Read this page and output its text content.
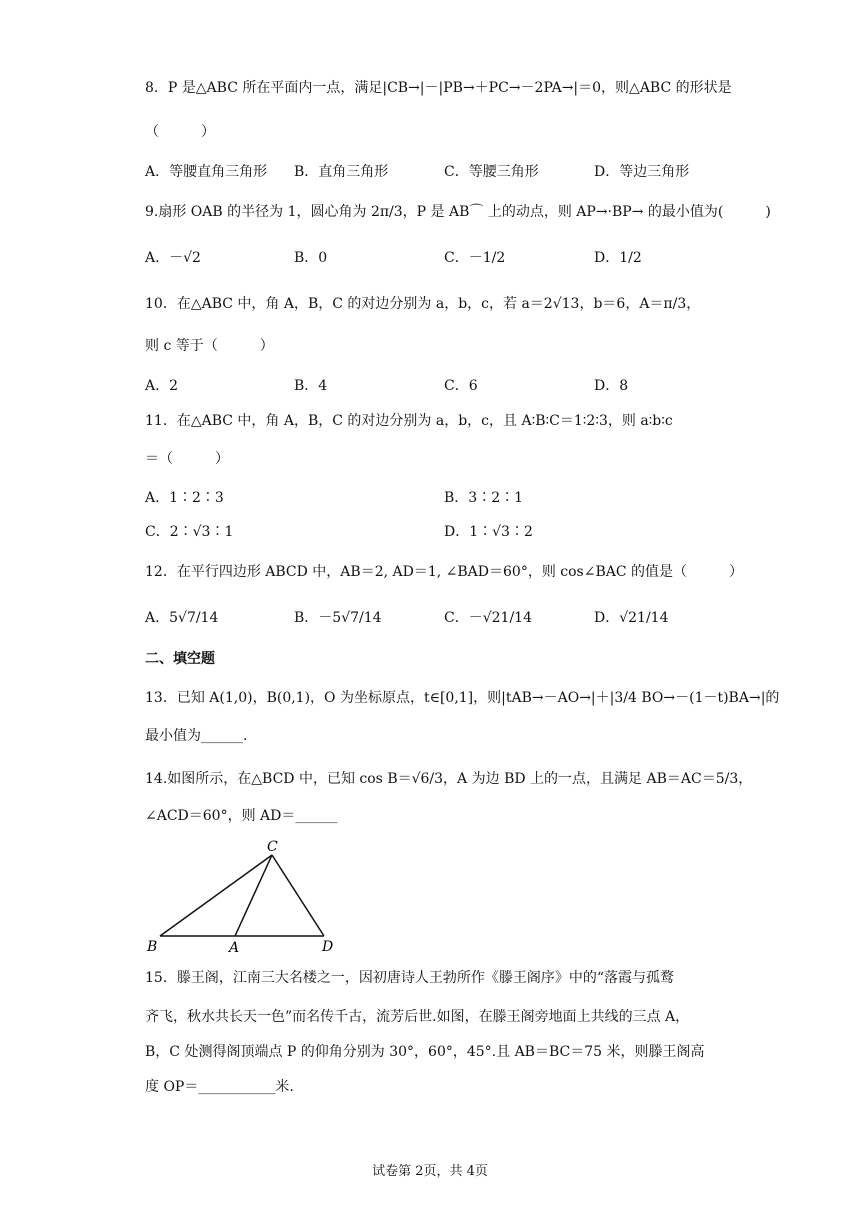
8．P 是△ABC 所在平面内一点，满足|CB→|－|PB→＋PC→－2PA→|＝0，则△ABC 的形状是
（　　　）
A．等腰直角三角形 B．直角三角形	C．等腰三角形	D．等边三角形
9.扇形 OAB 的半径为 1，圆心角为 2π/3，P 是 AB⌒ 上的动点，则 AP→·BP→ 的最小值为(　　　)
A．－√2	B．0	C．－1/2	D．1/2
10．在△ABC 中，角 A，B，C 的对边分别为 a，b，c，若 a＝2√13，b＝6，A＝π/3，
则 c 等于（　　　）
A．2	B．4	C．6	D．8
11．在△ABC 中，角 A，B，C 的对边分别为 a，b，c，且 A∶B∶C＝1∶2∶3，则 a∶b∶c
＝（　　　）
A．1∶2∶3	B．3∶2∶1
C．2∶√3∶1	D．1∶√3∶2
12．在平行四边形 ABCD 中，AB＝2, AD＝1, ∠BAD＝60°，则 cos∠BAC 的值是（　　　）
A．5√7/14	B．－5√7/14	C．－√21/14	D．√21/14
二、填空题
13．已知 A(1,0)，B(0,1)，O 为坐标原点，t∈[0,1]，则|tAB→－AO→|＋|3/4 BO→－(1－t)BA→|的
最小值为______.
14.如图所示，在△BCD 中，已知 cos B＝√6/3，A 为边 BD 上的一点，且满足 AB＝AC＝5/3，
∠ACD＝60°，则 AD＝______
C
B	A	D
15．滕王阁，江南三大名楼之一，因初唐诗人王勃所作《滕王阁序》中的“落霞与孤鹜
齐飞，秋水共长天一色”而名传千古，流芳后世.如图，在滕王阁旁地面上共线的三点 A，
B，C 处测得阁顶端点 P 的仰角分别为 30°，60°，45°.且 AB＝BC＝75 米，则滕王阁高
度 OP＝___________米.
试卷第 2页，共 4页
